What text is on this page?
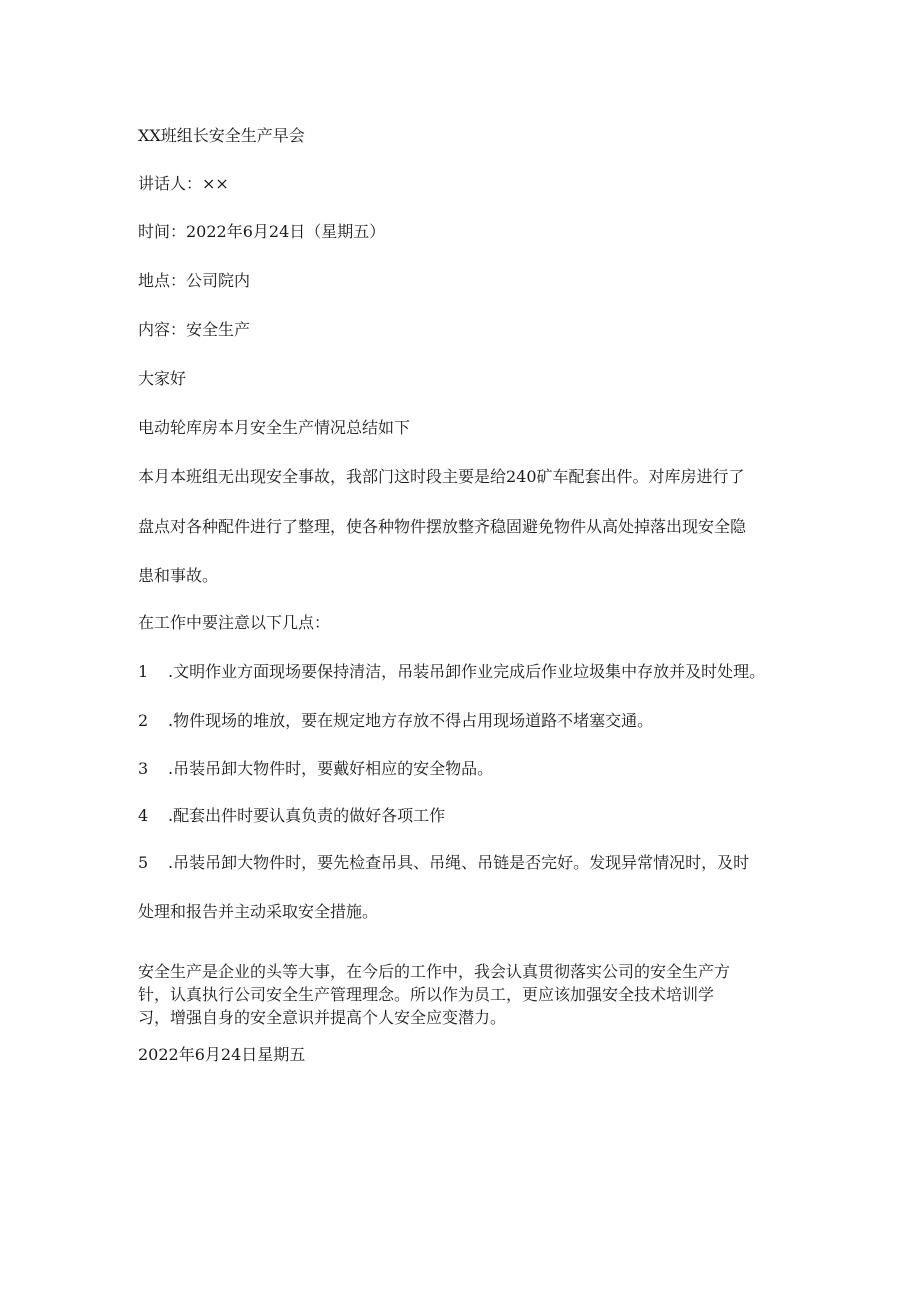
XX班组长安全生产早会

讲话人：××

时间：2022年6月24日（星期五）

地点：公司院内

内容：安全生产

大家好

电动轮库房本月安全生产情况总结如下

本月本班组无出现安全事故，我部门这时段主要是给240矿车配套出件。对库房进行了

盘点对各种配件进行了整理，使各种物件摆放整齐稳固避免物件从高处掉落出现安全隐

患和事故。

在工作中要注意以下几点：

1 .文明作业方面现场要保持清洁，吊装吊卸作业完成后作业垃圾集中存放并及时处理。

2 .物件现场的堆放，要在规定地方存放不得占用现场道路不堵塞交通。

3 .吊装吊卸大物件时，要戴好相应的安全物品。

4 .配套出件时要认真负责的做好各项工作

5 .吊装吊卸大物件时，要先检查吊具、吊绳、吊链是否完好。发现异常情况时，及时

处理和报告并主动采取安全措施。

安全生产是企业的头等大事，在今后的工作中，我会认真贯彻落实公司的安全生产方
针，认真执行公司安全生产管理理念。所以作为员工，更应该加强安全技术培训学
习，增强自身的安全意识并提高个人安全应变潜力。

2022年6月24日星期五
